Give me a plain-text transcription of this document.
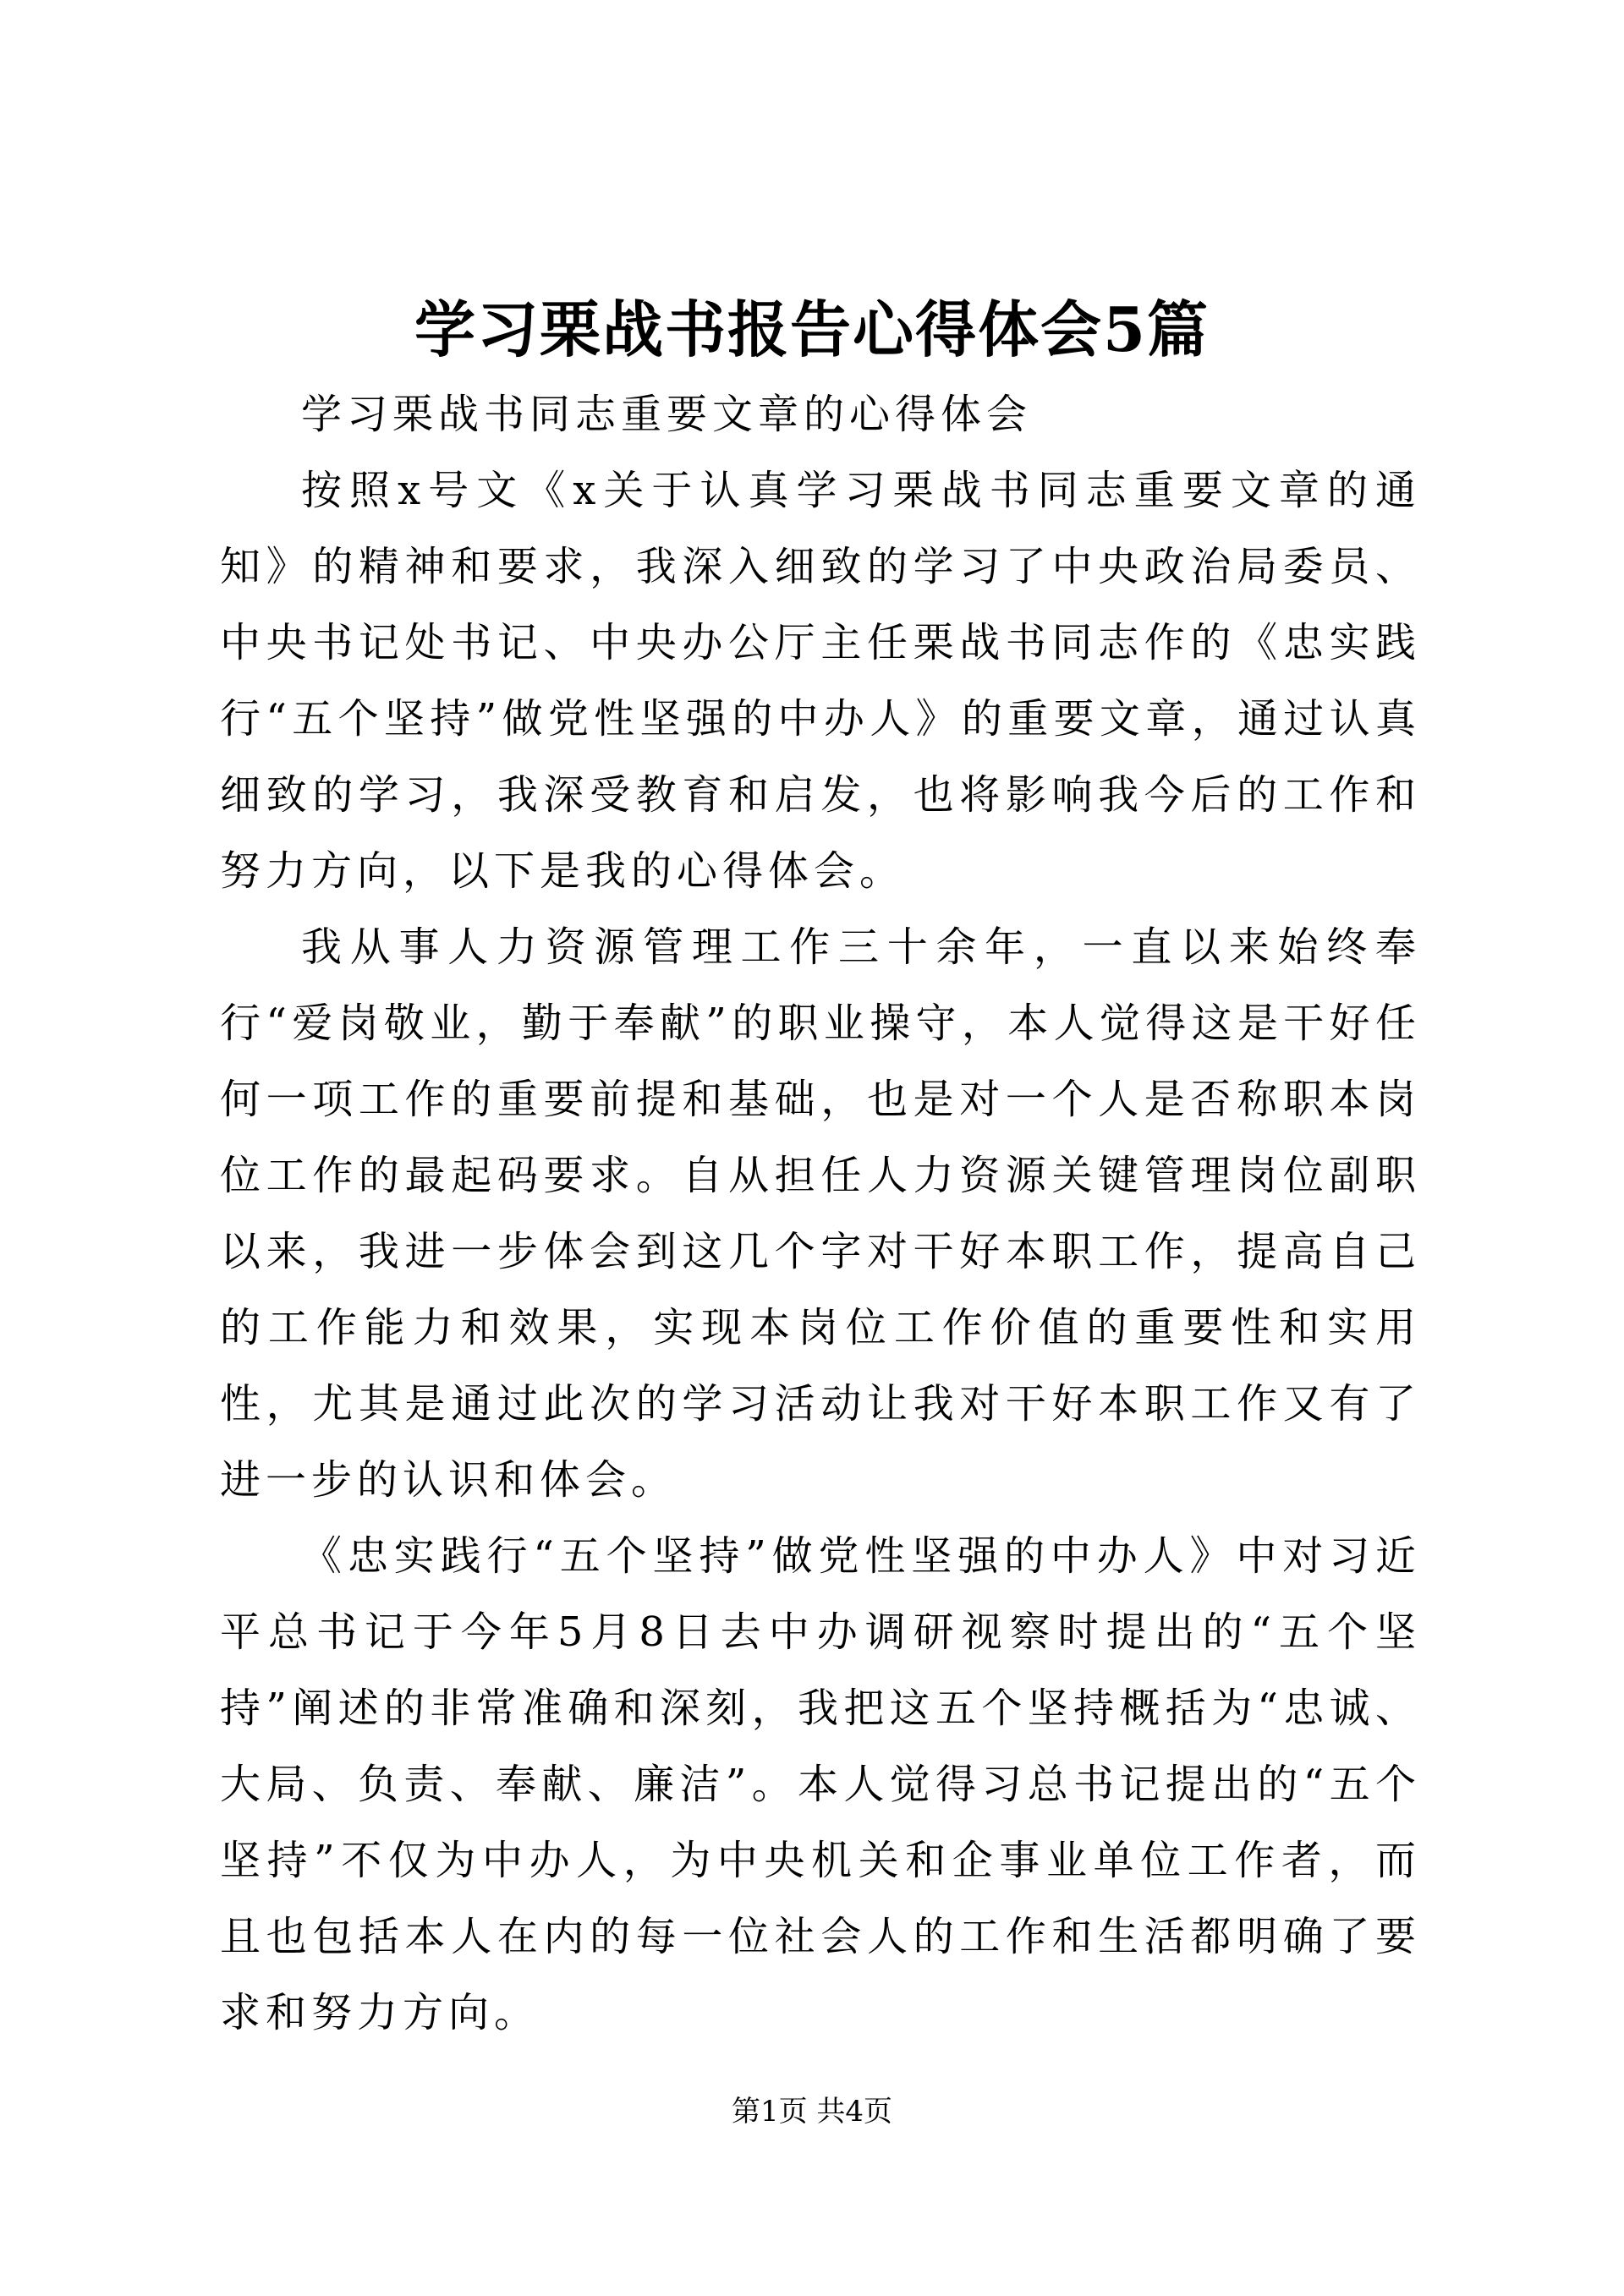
学习栗战书报告心得体会5篇

学习栗战书同志重要文章的心得体会

按照x号文《x关于认真学习栗战书同志重要文章的通知》的精神和要求，我深入细致的学习了中央政治局委员、中央书记处书记、中央办公厅主任栗战书同志作的《忠实践行“五个坚持”做党性坚强的中办人》的重要文章，通过认真细致的学习，我深受教育和启发，也将影响我今后的工作和努力方向，以下是我的心得体会。

我从事人力资源管理工作三十余年，一直以来始终奉行“爱岗敬业，勤于奉献”的职业操守，本人觉得这是干好任何一项工作的重要前提和基础，也是对一个人是否称职本岗位工作的最起码要求。自从担任人力资源关键管理岗位副职以来，我进一步体会到这几个字对干好本职工作，提高自己的工作能力和效果，实现本岗位工作价值的重要性和实用性，尤其是通过此次的学习活动让我对干好本职工作又有了进一步的认识和体会。

《忠实践行“五个坚持”做党性坚强的中办人》中对习近平总书记于今年5月8日去中办调研视察时提出的“五个坚持”阐述的非常准确和深刻，我把这五个坚持概括为“忠诚、大局、负责、奉献、廉洁”。本人觉得习总书记提出的“五个坚持”不仅为中办人，为中央机关和企事业单位工作者，而且也包括本人在内的每一位社会人的工作和生活都明确了要求和努力方向。

第1页 共4页
